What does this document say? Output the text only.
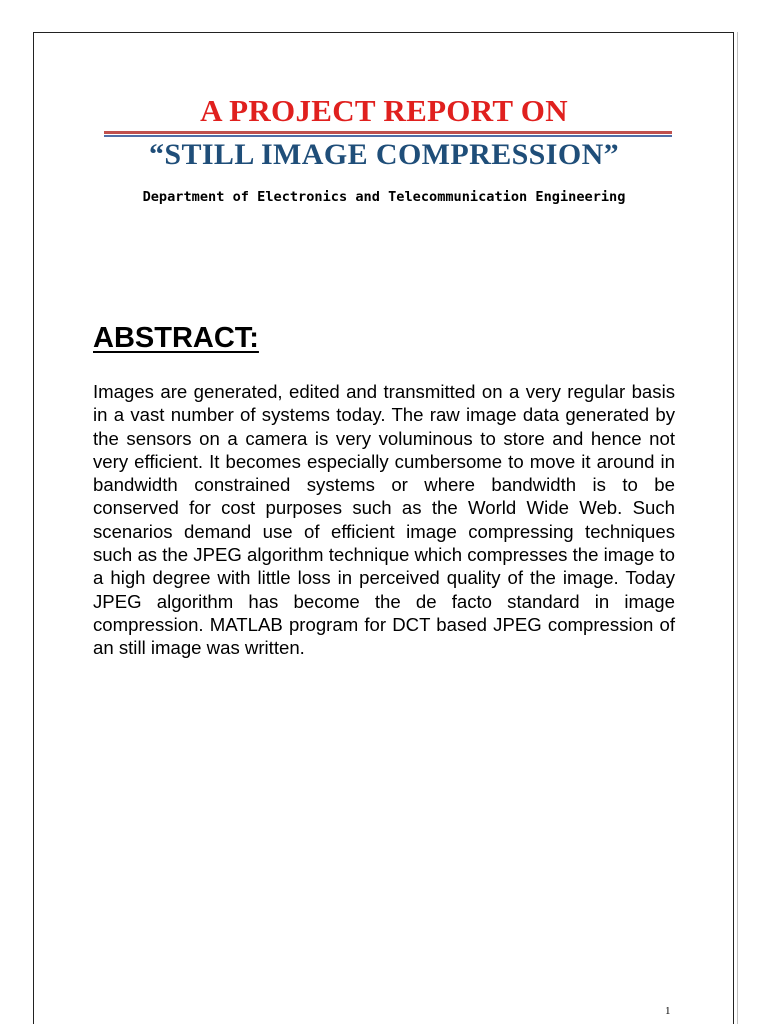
A PROJECT REPORT ON
“STILL IMAGE COMPRESSION”

Department of Electronics and Telecommunication Engineering

ABSTRACT:

Images are generated, edited and transmitted on a very regular basis in a vast number of systems today. The raw image data generated by the sensors on a camera is very voluminous to store and hence not very efficient. It becomes especially cumbersome to move it around in bandwidth constrained systems or where bandwidth is to be conserved for cost purposes such as the World Wide Web. Such scenarios demand use of efficient image compressing techniques such as the JPEG algorithm technique which compresses the image to a high degree with little loss in perceived quality of the image. Today JPEG algorithm has become the de facto standard in image compression. MATLAB program for DCT based JPEG compression of an still image was written.

1
